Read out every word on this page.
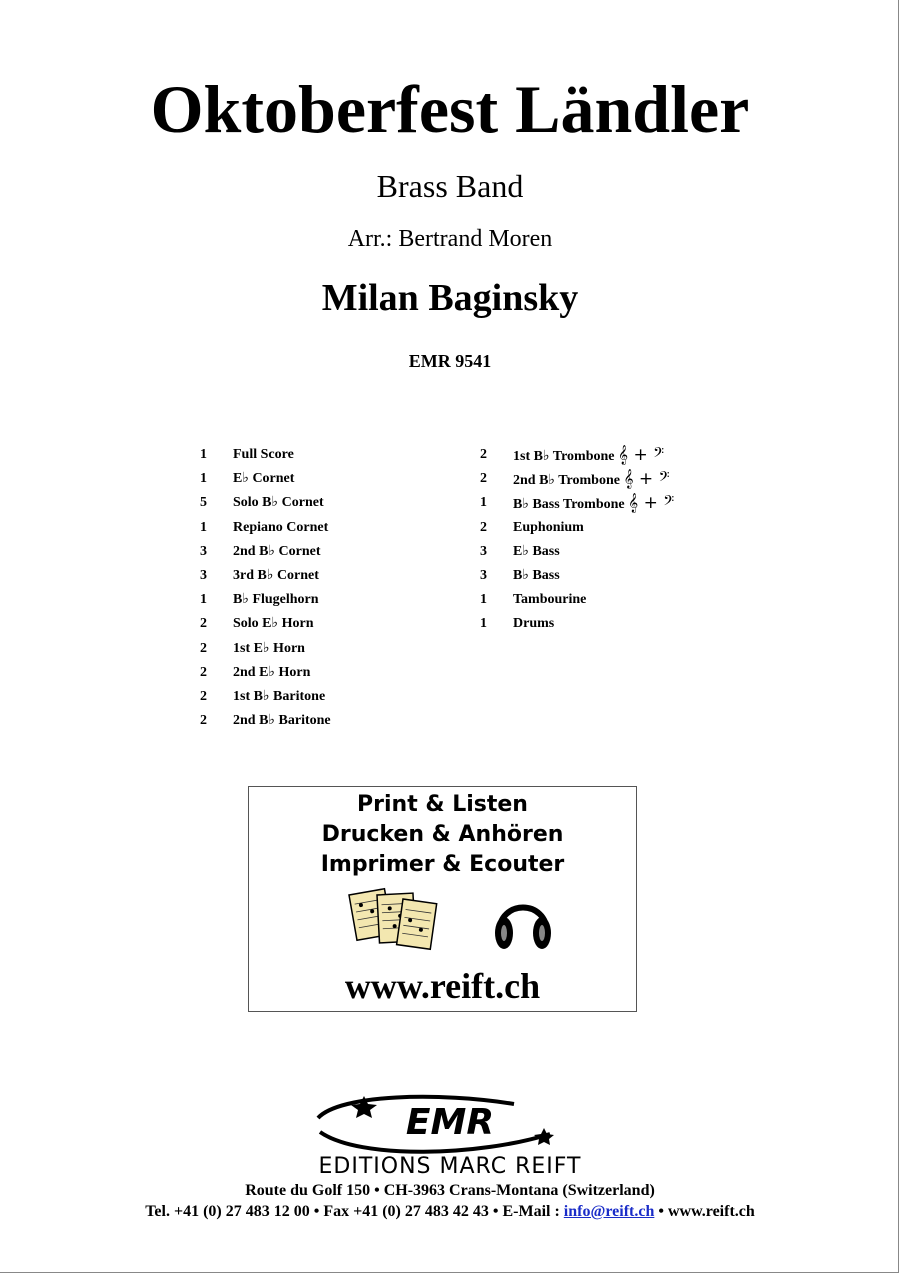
Oktoberfest Ländler
Brass Band
Arr.: Bertrand Moren
Milan Baginsky
EMR 9541
1 Full Score
1 E♭ Cornet
5 Solo B♭ Cornet
1 Repiano Cornet
3 2nd B♭ Cornet
3 3rd B♭ Cornet
1 B♭ Flugelhorn
2 Solo E♭ Horn
2 1st E♭ Horn
2 2nd E♭ Horn
2 1st B♭ Baritone
2 2nd B♭ Baritone
2 1st B♭ Trombone 𝄞 + 𝄢
2 2nd B♭ Trombone 𝄞 + 𝄢
1 B♭ Bass Trombone 𝄞 + 𝄢
2 Euphonium
3 E♭ Bass
3 B♭ Bass
1 Tambourine
1 Drums
Print & Listen
Drucken & Anhören
Imprimer & Ecouter
www.reift.ch
EMR
EDITIONS MARC REIFT
Route du Golf 150 • CH-3963 Crans-Montana (Switzerland)
Tel. +41 (0) 27 483 12 00 • Fax +41 (0) 27 483 42 43 • E-Mail : info@reift.ch • www.reift.ch
